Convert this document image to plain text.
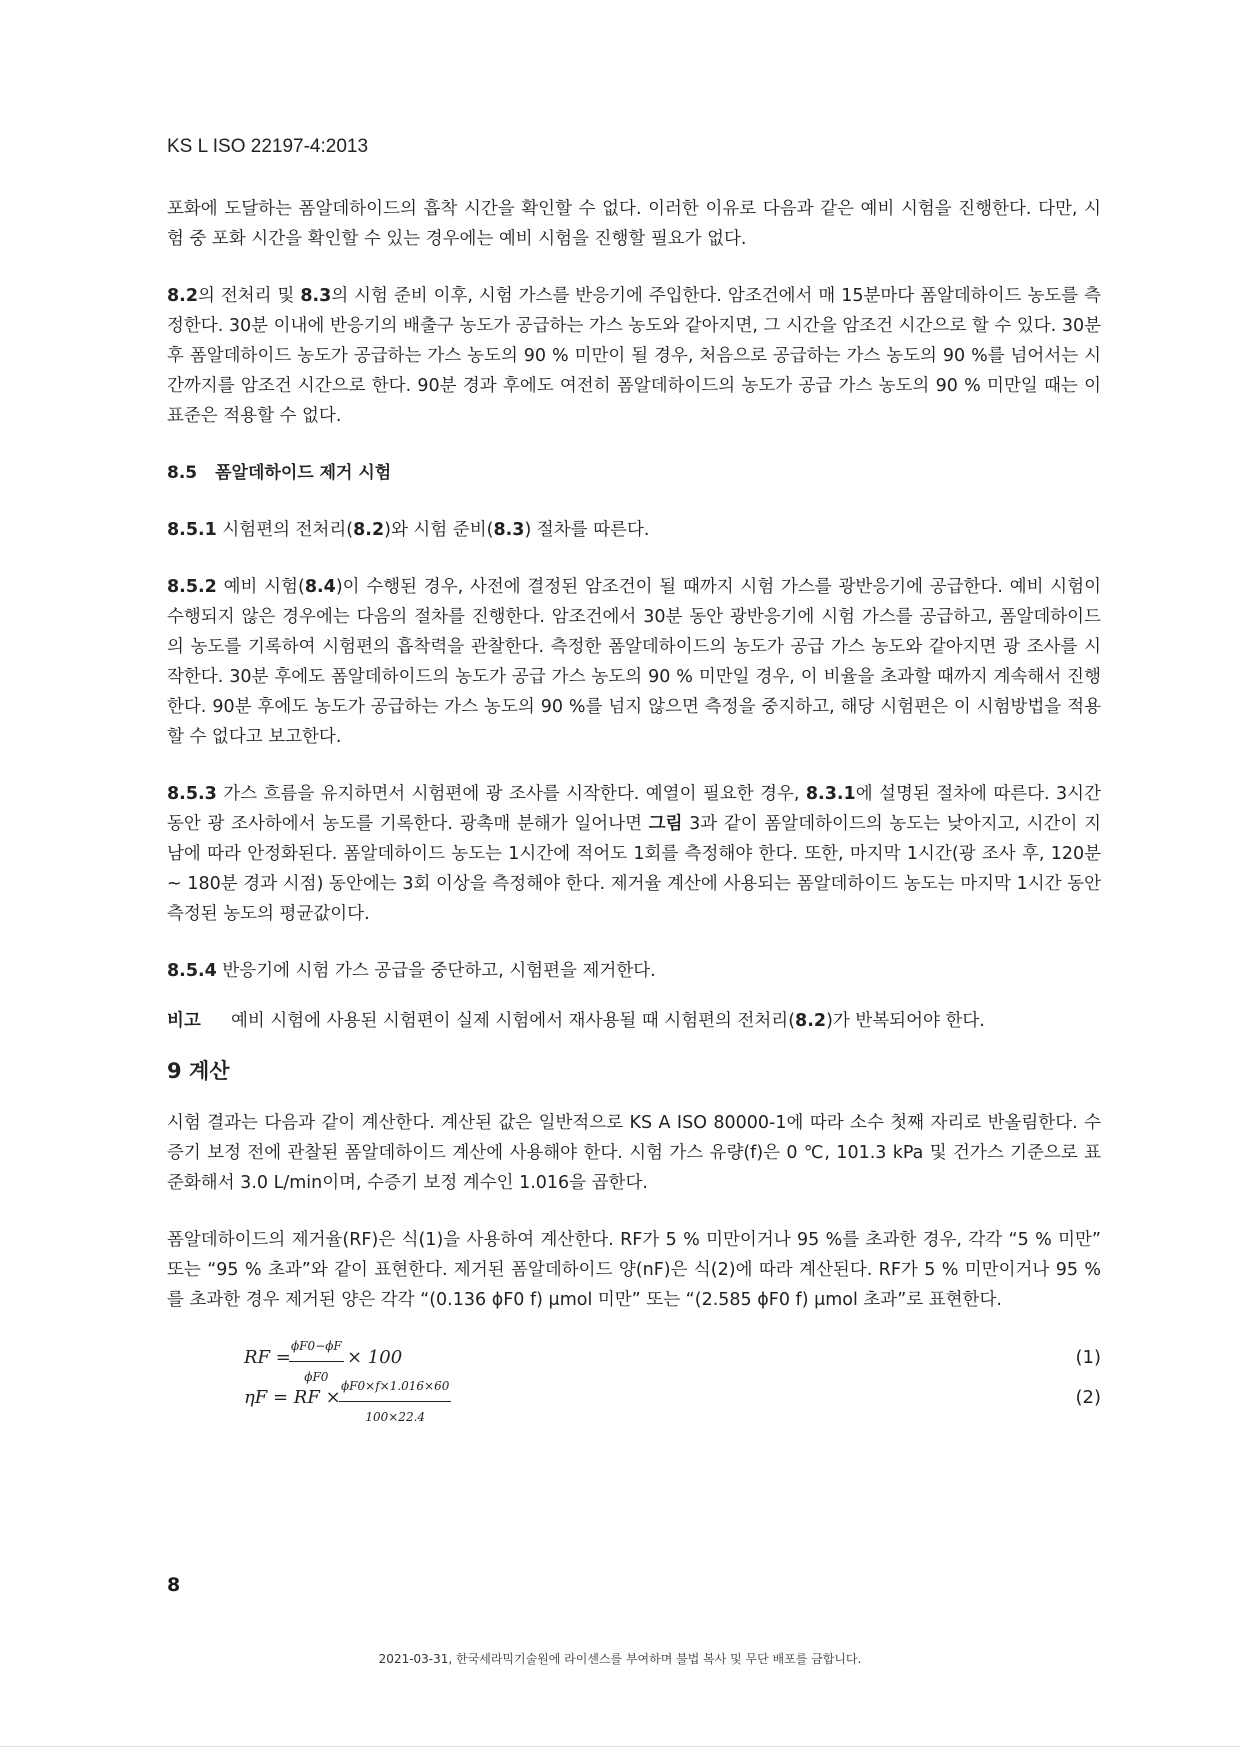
KS L ISO 22197-4:2013

포화에 도달하는 폼알데하이드의 흡착 시간을 확인할 수 없다. 이러한 이유로 다음과 같은 예비 시험을 진행한다. 다만, 시험 중 포화 시간을 확인할 수 있는 경우에는 예비 시험을 진행할 필요가 없다.

8.2의 전처리 및 8.3의 시험 준비 이후, 시험 가스를 반응기에 주입한다. 암조건에서 매 15분마다 폼알데하이드 농도를 측정한다. 30분 이내에 반응기의 배출구 농도가 공급하는 가스 농도와 같아지면, 그 시간을 암조건 시간으로 할 수 있다. 30분 후 폼알데하이드 농도가 공급하는 가스 농도의 90 % 미만이 될 경우, 처음으로 공급하는 가스 농도의 90 %를 넘어서는 시간까지를 암조건 시간으로 한다. 90분 경과 후에도 여전히 폼알데하이드의 농도가 공급 가스 농도의 90 % 미만일 때는 이 표준은 적용할 수 없다.

8.5 폼알데하이드 제거 시험

8.5.1 시험편의 전처리(8.2)와 시험 준비(8.3) 절차를 따른다.

8.5.2 예비 시험(8.4)이 수행된 경우, 사전에 결정된 암조건이 될 때까지 시험 가스를 광반응기에 공급한다. 예비 시험이 수행되지 않은 경우에는 다음의 절차를 진행한다. 암조건에서 30분 동안 광반응기에 시험 가스를 공급하고, 폼알데하이드의 농도를 기록하여 시험편의 흡착력을 관찰한다. 측정한 폼알데하이드의 농도가 공급 가스 농도와 같아지면 광 조사를 시작한다. 30분 후에도 폼알데하이드의 농도가 공급 가스 농도의 90 % 미만일 경우, 이 비율을 초과할 때까지 계속해서 진행한다. 90분 후에도 농도가 공급하는 가스 농도의 90 %를 넘지 않으면 측정을 중지하고, 해당 시험편은 이 시험방법을 적용할 수 없다고 보고한다.

8.5.3 가스 흐름을 유지하면서 시험편에 광 조사를 시작한다. 예열이 필요한 경우, 8.3.1에 설명된 절차에 따른다. 3시간 동안 광 조사하에서 농도를 기록한다. 광촉매 분해가 일어나면 그림 3과 같이 폼알데하이드의 농도는 낮아지고, 시간이 지남에 따라 안정화된다. 폼알데하이드 농도는 1시간에 적어도 1회를 측정해야 한다. 또한, 마지막 1시간(광 조사 후, 120분 ~ 180분 경과 시점) 동안에는 3회 이상을 측정해야 한다. 제거율 계산에 사용되는 폼알데하이드 농도는 마지막 1시간 동안 측정된 농도의 평균값이다.

8.5.4 반응기에 시험 가스 공급을 중단하고, 시험편을 제거한다.

비고	예비 시험에 사용된 시험편이 실제 시험에서 재사용될 때 시험편의 전처리(8.2)가 반복되어야 한다.
9 계산

시험 결과는 다음과 같이 계산한다. 계산된 값은 일반적으로 KS A ISO 80000-1에 따라 소수 첫째 자리로 반올림한다. 수증기 보정 전에 관찰된 폼알데하이드 계산에 사용해야 한다. 시험 가스 유량(f)은 0 ℃, 101.3 kPa 및 건가스 기준으로 표준화해서 3.0 L/min이며, 수증기 보정 계수인 1.016을 곱한다.

폼알데하이드의 제거율(RF)은 식(1)을 사용하여 계산한다. RF가 5 % 미만이거나 95 %를 초과한 경우, 각각 “5 % 미만” 또는 “95 % 초과”와 같이 표현한다. 제거된 폼알데하이드 양(nF)은 식(2)에 따라 계산된다. RF가 5 % 미만이거나 95 %를 초과한 경우 제거된 양은 각각 “(0.136 ϕF0 f) μmol 미만” 또는 “(2.585 ϕF0 f) μmol 초과”로 표현한다.

RF =
$\frac{\phi F0-\phi F}{\phi F0} \times 100$	(1)
ηF = RF ×
$\frac{\phi F0\times f\times 1.016\times 60}{100\times 22.4}$	(2)
8
2021-03-31, 한국세라믹기술원에 라이센스를 부여하며 불법 복사 및 무단 배포를 금합니다.
